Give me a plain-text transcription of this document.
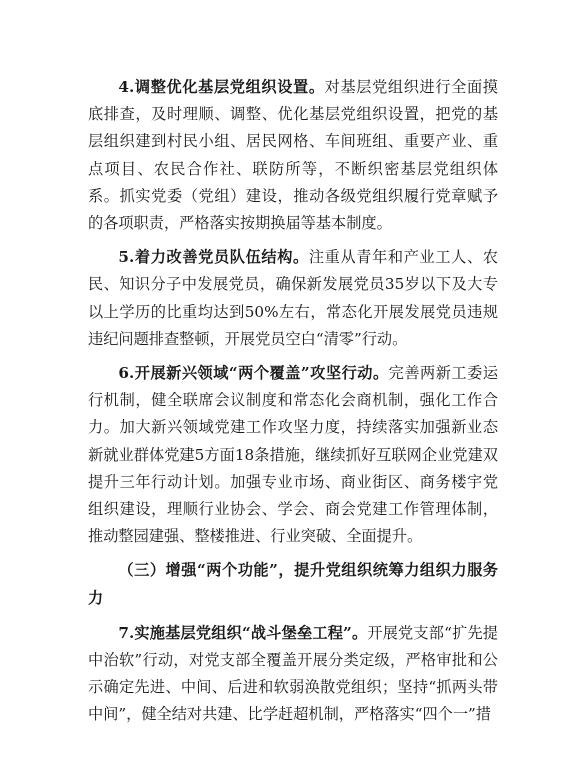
4.调整优化基层党组织设置。对基层党组织进行全面摸底排查，及时理顺、调整、优化基层党组织设置，把党的基层组织建到村民小组、居民网格、车间班组、重要产业、重点项目、农民合作社、联防所等，不断织密基层党组织体系。抓实党委（党组）建设，推动各级党组织履行党章赋予的各项职责，严格落实按期换届等基本制度。

5.着力改善党员队伍结构。注重从青年和产业工人、农民、知识分子中发展党员，确保新发展党员35岁以下及大专以上学历的比重均达到50%左右，常态化开展发展党员违规违纪问题排查整顿，开展党员空白“清零”行动。

6.开展新兴领域“两个覆盖”攻坚行动。完善两新工委运行机制，健全联席会议制度和常态化会商机制，强化工作合力。加大新兴领域党建工作攻坚力度，持续落实加强新业态新就业群体党建5方面18条措施，继续抓好互联网企业党建双提升三年行动计划。加强专业市场、商业街区、商务楼宇党组织建设，理顺行业协会、学会、商会党建工作管理体制，推动整园建强、整楼推进、行业突破、全面提升。

（三）增强“两个功能”，提升党组织统筹力组织力服务力

7.实施基层党组织“战斗堡垒工程”。开展党支部“扩先提中治软”行动，对党支部全覆盖开展分类定级，严格审批和公示确定先进、中间、后进和软弱涣散党组织；坚持“抓两头带中间”，健全结对共建、比学赶超机制，严格落实“四个一”措
